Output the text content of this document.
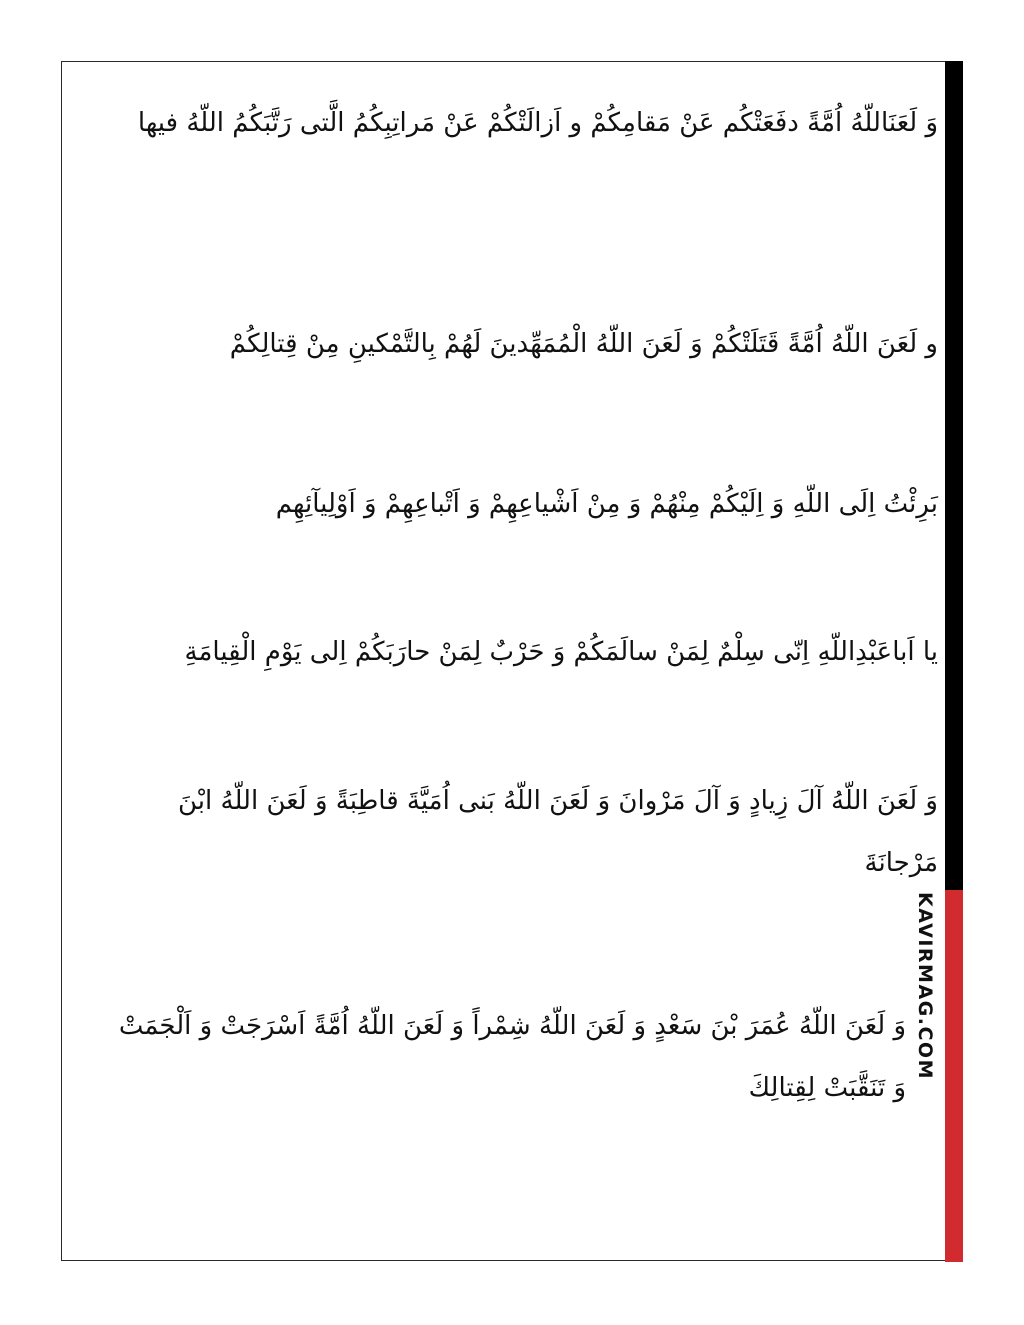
KAVIRMAG.COM
وَ لَعَنَاللّهُ اُمَّةً دفَعَتْكُم عَنْ مَقامِكُمْ و اَزالَتْكُمْ عَنْ مَراتِبِكُمُ الَّتى رَتَّبَكُمُ اللّهُ فيها
و لَعَنَ اللّهُ اُمَّةً قَتَلَتْكُمْ وَ لَعَنَ اللّهُ الْمُمَهِّدينَ لَهُمْ بِالتَّمْكينِ مِنْ قِتالِكُمْ
بَرِئْتُ اِلَى اللّهِ وَ اِلَيْكُمْ مِنْهُمْ وَ مِنْ اَشْياعِهِمْ وَ اَتْباعِهِمْ وَ اَوْلِيآئِهِم
يا اَباعَبْدِاللّهِ اِنّى سِلْمٌ لِمَنْ سالَمَكُمْ وَ حَرْبٌ لِمَنْ حارَبَكُمْ اِلى يَوْمِ الْقِيامَةِ
وَ لَعَنَ اللّهُ آلَ زِيادٍ وَ آلَ مَرْوانَ وَ لَعَنَ اللّهُ بَنى اُمَيَّةَ قاطِبَةً وَ لَعَنَ اللّهُ ابْنَ مَرْجانَةَ
وَ لَعَنَ اللّهُ عُمَرَ بْنَ سَعْدٍ وَ لَعَنَ اللّهُ شِمْراً وَ لَعَنَ اللّهُ اُمَّةً اَسْرَجَتْ وَ اَلْجَمَتْ وَ تَنَقَّبَتْ لِقِتالِكَ
